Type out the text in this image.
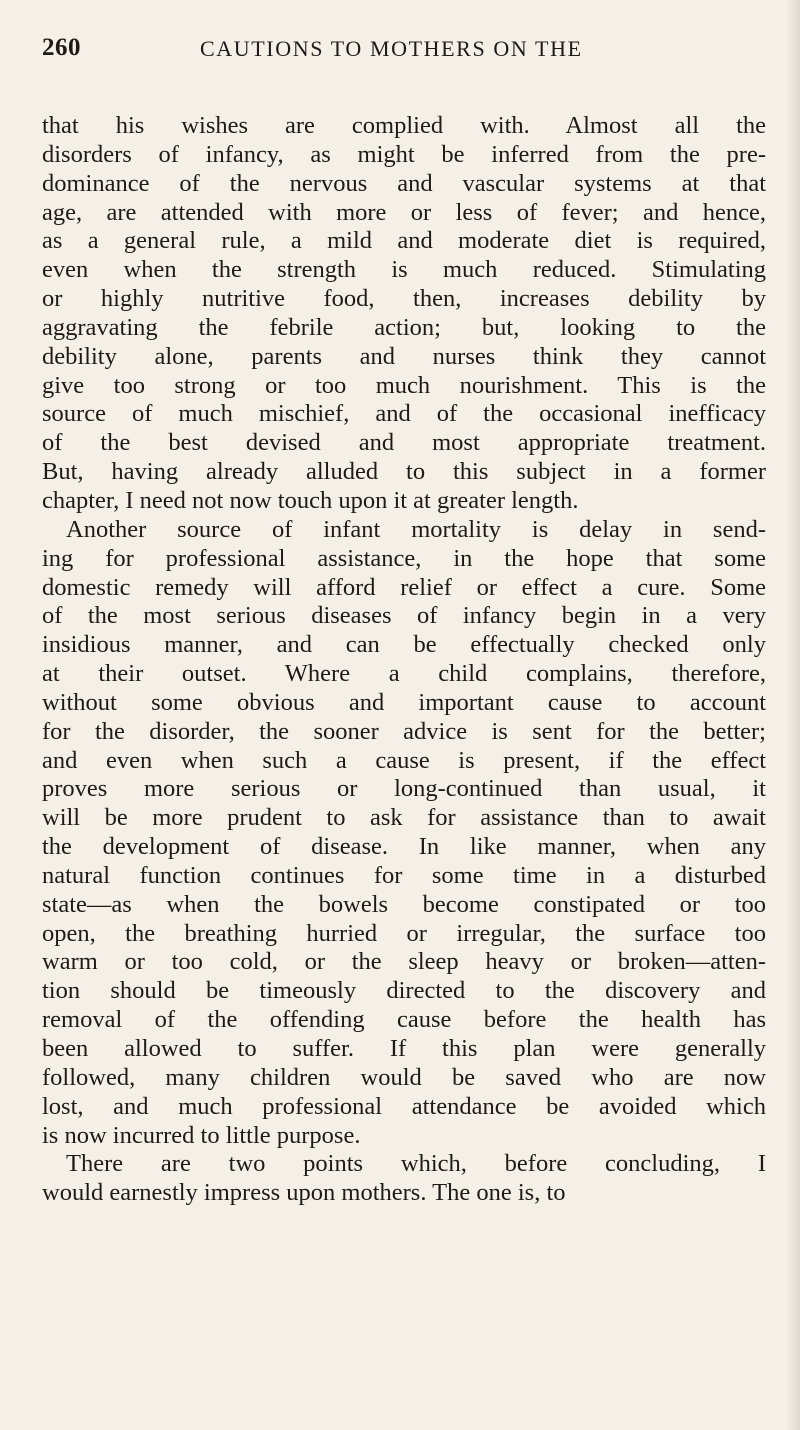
260	CAUTIONS TO MOTHERS ON THE
that his wishes are complied with. Almost all the
disorders of infancy, as might be inferred from the pre-
dominance of the nervous and vascular systems at that
age, are attended with more or less of fever; and hence,
as a general rule, a mild and moderate diet is required,
even when the strength is much reduced. Stimulating
or highly nutritive food, then, increases debility by
aggravating the febrile action; but, looking to the
debility alone, parents and nurses think they cannot
give too strong or too much nourishment. This is the
source of much mischief, and of the occasional inefficacy
of the best devised and most appropriate treatment.
But, having already alluded to this subject in a former
chapter, I need not now touch upon it at greater length.
Another source of infant mortality is delay in send-
ing for professional assistance, in the hope that some
domestic remedy will afford relief or effect a cure. Some
of the most serious diseases of infancy begin in a very
insidious manner, and can be effectually checked only
at their outset. Where a child complains, therefore,
without some obvious and important cause to account
for the disorder, the sooner advice is sent for the better;
and even when such a cause is present, if the effect
proves more serious or long-continued than usual, it
will be more prudent to ask for assistance than to await
the development of disease. In like manner, when any
natural function continues for some time in a disturbed
state—as when the bowels become constipated or too
open, the breathing hurried or irregular, the surface too
warm or too cold, or the sleep heavy or broken—atten-
tion should be timeously directed to the discovery and
removal of the offending cause before the health has
been allowed to suffer. If this plan were generally
followed, many children would be saved who are now
lost, and much professional attendance be avoided which
is now incurred to little purpose.
There are two points which, before concluding, I
would earnestly impress upon mothers. The one is, to
